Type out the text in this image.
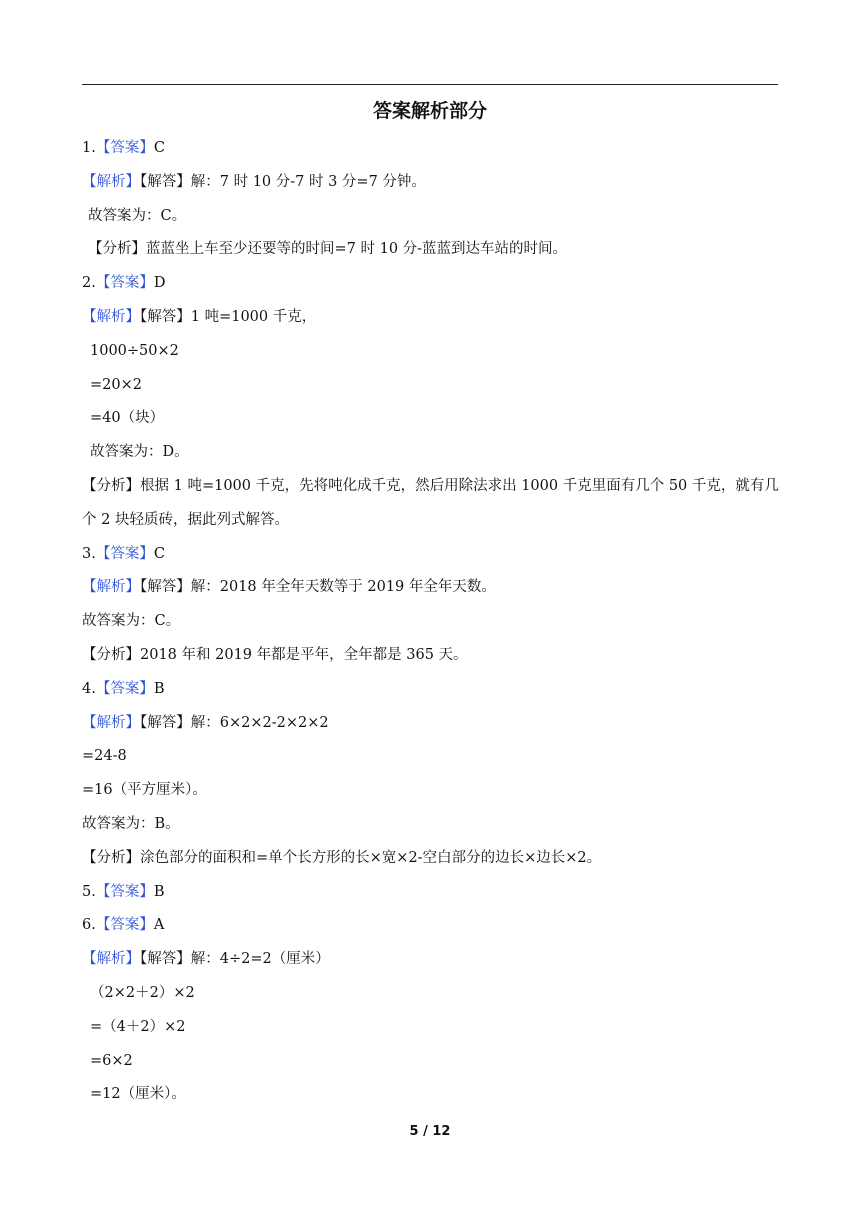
答案解析部分
1.【答案】C
【解析】【解答】解：7 时 10 分-7 时 3 分=7 分钟。
故答案为：C。
【分析】蓝蓝坐上车至少还要等的时间=7 时 10 分-蓝蓝到达车站的时间。
2.【答案】D
【解析】【解答】1 吨=1000 千克，
1000÷50×2
=20×2
=40（块）
故答案为：D。
【分析】根据 1 吨=1000 千克，先将吨化成千克，然后用除法求出 1000 千克里面有几个 50 千克，就有几个 2 块轻质砖，据此列式解答。
3.【答案】C
【解析】【解答】解：2018 年全年天数等于 2019 年全年天数。
故答案为：C。
【分析】2018 年和 2019 年都是平年，全年都是 365 天。
4.【答案】B
【解析】【解答】解：6×2×2-2×2×2
=24-8
=16（平方厘米）。
故答案为：B。
【分析】涂色部分的面积和=单个长方形的长×宽×2-空白部分的边长×边长×2。
5.【答案】B
6.【答案】A
【解析】【解答】解：4÷2=2（厘米）
（2×2＋2）×2
=（4＋2）×2
=6×2
=12（厘米）。
5 / 12
